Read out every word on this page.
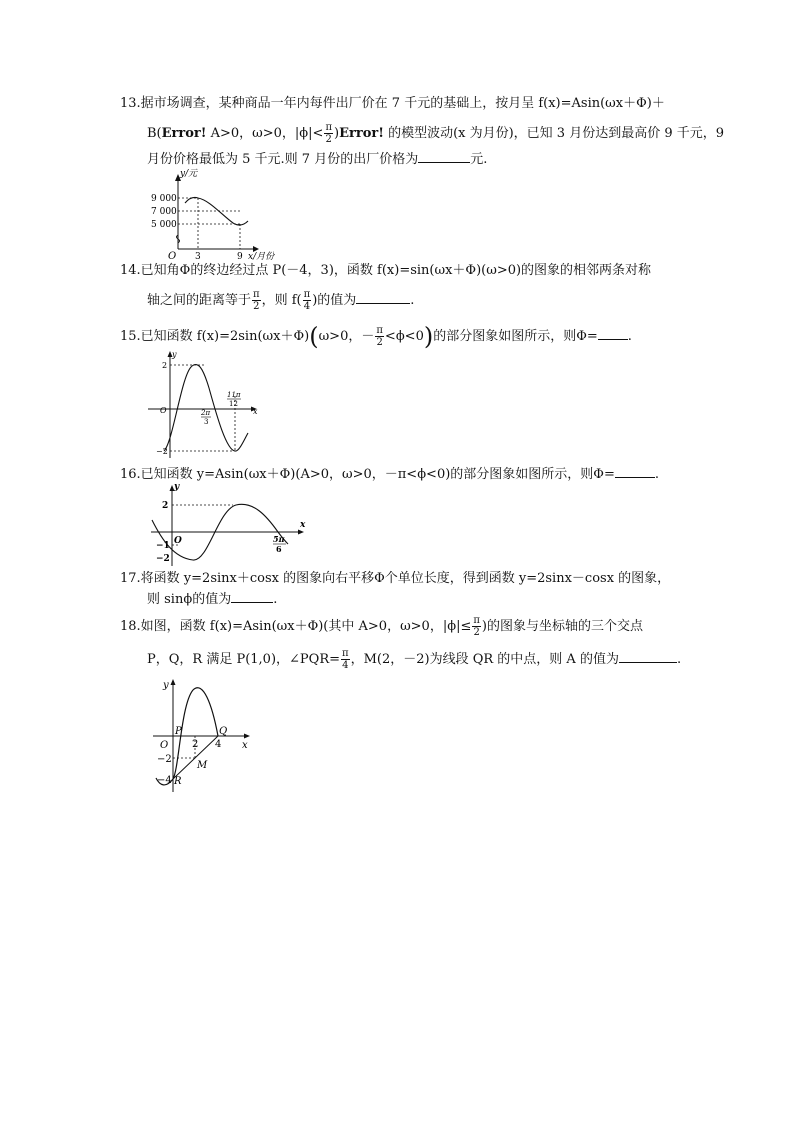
13.据市场调查，某种商品一年内每件出厂价在 7 千元的基础上，按月呈 f(x)=Asin(ωx＋Φ)＋
B(Error! A>0，ω>0，$|\phi|< \frac{\pi}{2}$ )Error! 的模型波动(x 为月份)，已知 3 月份达到最高价 9 千元，9
月份价格最低为 5 千元.则 7 月份的出厂价格为	元.
y/元
x/月份
O
9 000
7 000
5 000
3	9
14.已知角Φ的终边经过点 P(－4，3)，函数 f(x)=sin(ωx＋Φ)(ω>0)的图象的相邻两条对称
轴之间的距离等于 $\frac{\pi}{2}$ ，则 $f( \frac{\pi}{4}$ )的值为	.
15.已知函数 f(x)=2sin(ωx＋Φ)(ω>0，－ $\frac{\pi}{2} <\phi<0$)的部分图象如图所示，则Φ= .
y
x
O
2
−2
2π
3
11π
12
16.已知函数 y=Asin(ωx＋Φ)(A>0，ω>0，－π<ϕ<0)的部分图象如图所示，则Φ=	.
y
x
O
2
−1
−2
5π
6
17.将函数 y=2sinx＋cosx 的图象向右平移Φ个单位长度，得到函数 y=2sinx－cosx 的图象，
则 sinϕ的值为	.
18.如图，函数 f(x)=Asin(ωx＋Φ)(其中 A>0，ω>0，$|\phi|\le \frac{\pi}{2}$ )的图象与坐标轴的三个交点
P，Q，R 满足 P(1,0)，∠PQR= $\frac{\pi}{4}$ ，M(2，－2)为线段 QR 的中点，则 A 的值为	.
y
x
O
P	Q
M
R
2 4
−2
−4
